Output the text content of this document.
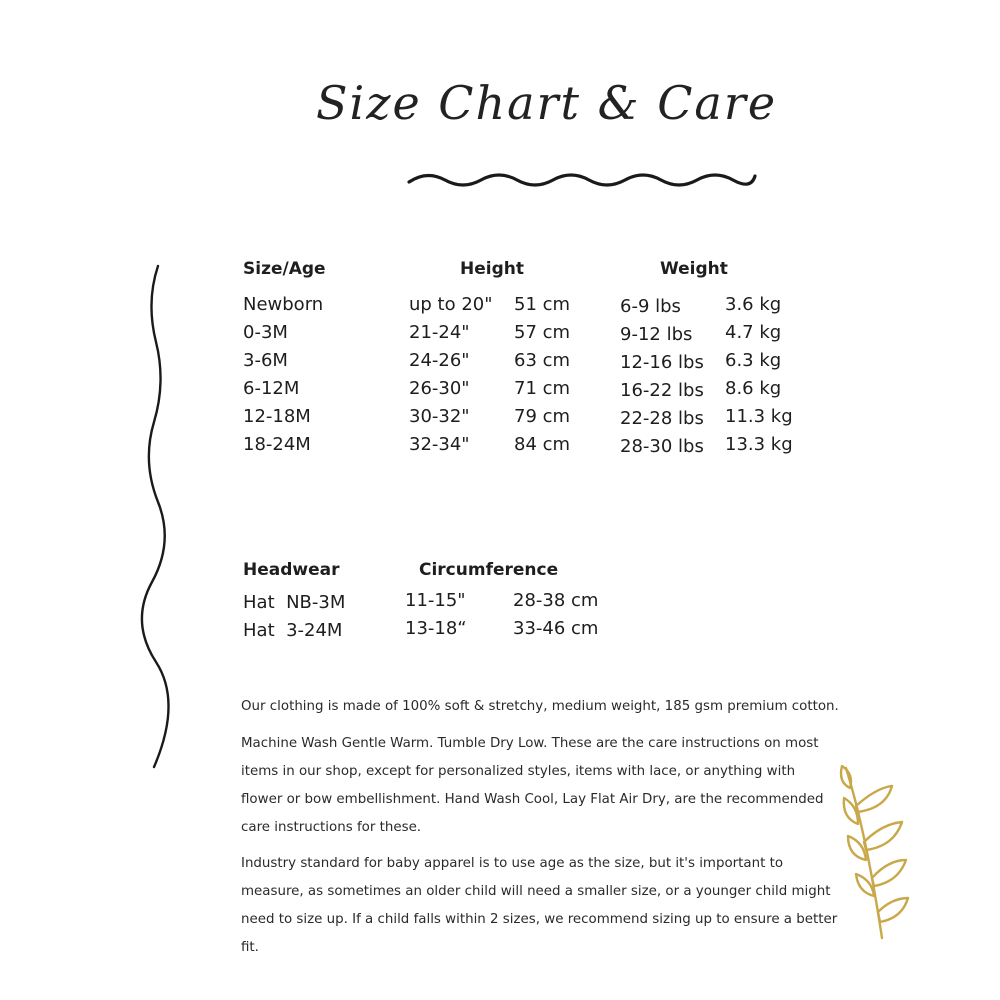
Size Chart & Care
Size/Age	Height	Weight
Newborn	up to 20" 51 cm	6-9 lbs 3.6 kg
0-3M	21-24" 57 cm	9-12 lbs 4.7 kg
3-6M	24-26" 63 cm	12-16 lbs 6.3 kg
6-12M	26-30" 71 cm	16-22 lbs 8.6 kg
12-18M	30-32" 79 cm	22-28 lbs 11.3 kg
18-24M	32-34" 84 cm	28-30 lbs 13.3 kg
Headwear	Circumference
Hat  NB-3M	11-15"	28-38 cm
Hat  3-24M	13-18“	33-46 cm

Our clothing is made of 100% soft & stretchy, medium weight, 185 gsm premium cotton.

Machine Wash Gentle Warm. Tumble Dry Low. These are the care instructions on most items in our shop, except for personalized styles, items with lace, or anything with flower or bow embellishment. Hand Wash Cool, Lay Flat Air Dry, are the recommended care instructions for these.

Industry standard for baby apparel is to use age as the size, but it's important to measure, as sometimes an older child will need a smaller size, or a younger child might need to size up. If a child falls within 2 sizes, we recommend sizing up to ensure a better fit.
